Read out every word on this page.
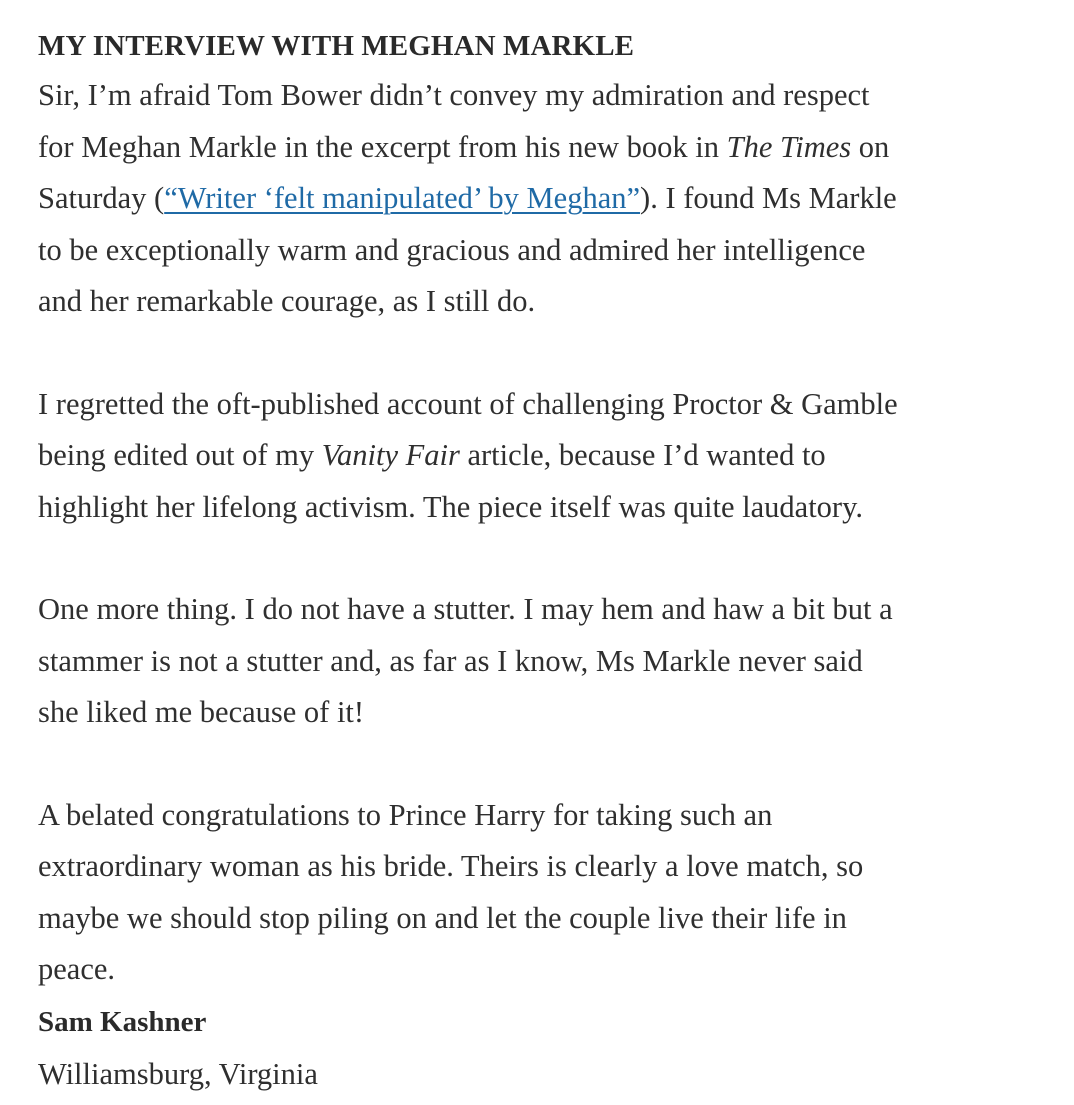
MY INTERVIEW WITH MEGHAN MARKLE

Sir, I’m afraid Tom Bower didn’t convey my admiration and respect
for Meghan Markle in the excerpt from his new book in The Times on
Saturday (“Writer ‘felt manipulated’ by Meghan”). I found Ms Markle
to be exceptionally warm and gracious and admired her intelligence
and her remarkable courage, as I still do.

I regretted the oft-published account of challenging Proctor & Gamble
being edited out of my Vanity Fair article, because I’d wanted to
highlight her lifelong activism. The piece itself was quite laudatory.

One more thing. I do not have a stutter. I may hem and haw a bit but a
stammer is not a stutter and, as far as I know, Ms Markle never said
she liked me because of it!

A belated congratulations to Prince Harry for taking such an
extraordinary woman as his bride. Theirs is clearly a love match, so
maybe we should stop piling on and let the couple live their life in
peace.

Sam Kashner

Williamsburg, Virginia
